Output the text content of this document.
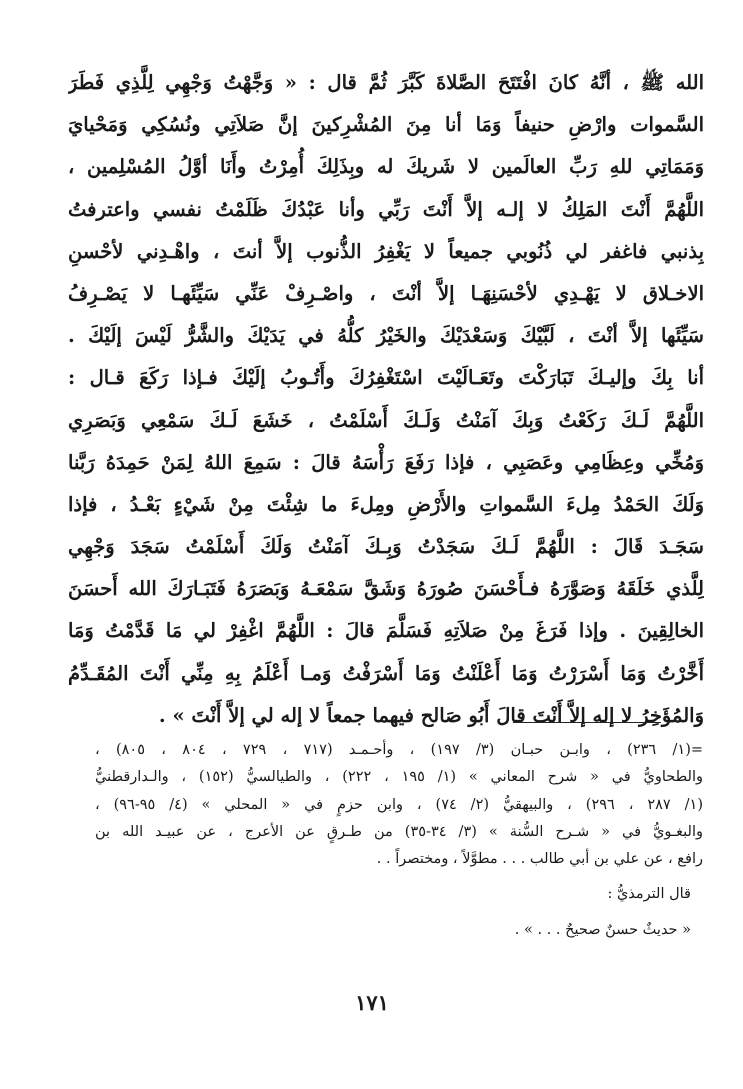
الله ﷺ ، أنَّهُ كانَ افْتَتَحَ الصَّلاةَ كَبَّرَ ثُمَّ قال : « وَجَّهْتُ وَجْهِي لِلَّذِي فَطَرَ
السَّموات وارْضِ حنيفاً وَمَا أنا مِنَ المُشْرِكينَ إنَّ صَلاَتِي ونُسُكِي وَمَحْيايَ
وَمَمَاتِي للهِ رَبِّ العالَمين لا شَريكَ له وبِذَلِكَ أُمِرْتُ وأَنَا أوَّلُ المُسْلِمين ،
اللَّهُمَّ أَنْتَ المَلِكُ لا إلـه إلاَّ أَنْتَ رَبِّي وأنا عَبْدُكَ ظَلَمْتُ نفسي واعترفتُ
بِذنبي فاغفر لي ذُنُوبي جميعاً لا يَغْفِرُ الذُّنوب إلاَّ أنتَ ، واهْـدِني لأحْسنِ
الاخـلاق لا يَهْـدِي لأحْسَنِهَـا إلاَّ أنْتَ ، واصْـرِفْ عَنِّي سَيِّئَهـا لا يَصْـرِفُ
سَيِّئَها إلاَّ أنْتَ ، لَبَّيْكَ وَسَعْدَيْكَ والخَيْرُ كلُّهُ في يَدَيْكَ والشَّرُّ لَيْسَ إلَيْكَ .
أنا بِكَ وإليـكَ تَبَارَكْتَ وتَعَـالَيْتَ اسْتَغْفِرُكَ وأَتُـوبُ إلَيْكَ فـإذا رَكَعَ قـال :
اللَّهُمَّ لَـكَ رَكَعْتُ وَبِكَ آمَنْتُ وَلَـكَ أَسْلَمْتُ ، خَشَعَ لَـكَ سَمْعِي وَبَصَرِي
وَمُخِّي وعِظَامِي وعَصَبِي ، فإذا رَفَعَ رَأْسَهُ قالَ : سَمِعَ اللهُ لِمَنْ حَمِدَهُ رَبَّنا
وَلَكَ الحَمْدُ مِلءَ السَّمواتِ والأَرْضِ ومِلءَ ما شِئْتَ مِنْ شَيْءٍ بَعْـدُ ، فإذا
سَجَـدَ قَالَ : اللَّهُمَّ لَـكَ سَجَدْتُ وَبِـكَ آمَنْتُ وَلَكَ أَسْلَمْتُ سَجَدَ وَجْهِي
لِلَّذي خَلَقَهُ وَصَوَّرَهُ فـأَحْسَنَ صُورَهُ وَشَقَّ سَمْعَـهُ وَبَصَرَهُ فَتَبَـارَكَ الله أَحسَنَ
الخالِقِينَ . وإذا فَرَغَ مِنْ صَلاَتِهِ فَسَلَّمَ قالَ : اللَّهُمَّ اغْفِرْ لي مَا قَدَّمْتُ وَمَا
أَخَّرْتُ وَمَا أَسْرَرْتُ وَمَا أَعْلَنْتُ وَمَا أَسْرَفْتُ وَمـا أَعْلَمُ بِهِ مِنِّي أَنْتَ المُقَـدِّمُ
وَالمُؤَخِرُ لا إله إلاَّ أَنْتَ قالَ أَبُو صَالح فيهما جمعاً لا إله لي إلاَّ أَنْتَ » .
=(١/ ٢٣٦) ، وابـن حبـان (٣/ ١٩٧) ، وأحـمـد (٧١٧ ، ٧٢٩ ، ٨٠٤ ، ٨٠٥) ،
والطحاويُّ في « شرح المعاني » (١/ ١٩٥ ، ٢٢٢) ، والطيالسيُّ (١٥٢) ، والـدارقطنيُّ
(١/ ٢٨٧ ، ٢٩٦) ، والبيهقيُّ (٢/ ٧٤) ، وابن حزمٍ في « المحلي » (٤/ ٩٥-٩٦) ،
والبغـويُّ في « شـرح السُّنة » (٣/ ٣٤-٣٥) من طـرقٍ عن الأعرج ، عن عبيـد الله بن
رافع ، عن علي بن أبي طالب . . . مطوَّلاً ، ومختصراً . .
قال الترمذيُّ :
« حديثٌ حسنٌ صحيحٌ . . . » .
١٧١
